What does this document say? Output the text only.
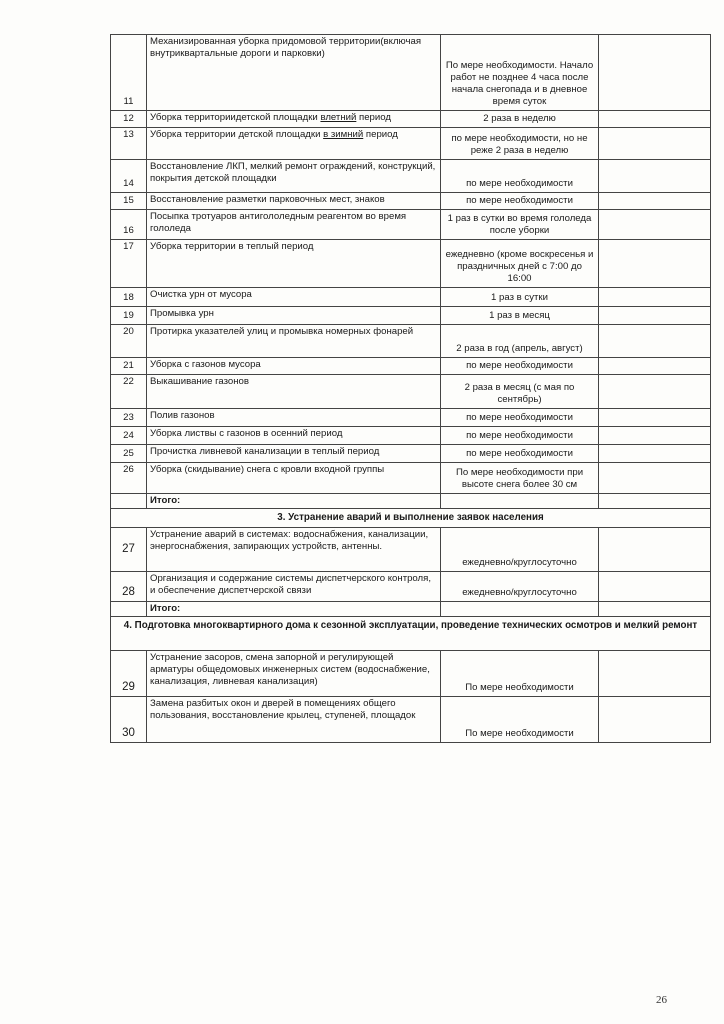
11	Механизированная уборка придомовой территории(включая внутриквартальные дороги и парковки)	По мере необходимости. Начало работ не позднее 4 часа после начала снегопада и в дневное время суток	
12	Уборка территориидетской площадки влетний период	2 раза в неделю	
13	Уборка территории детской площадки в зимний период	по мере необходимости, но не реже 2 раза в неделю	
14	Восстановление ЛКП, мелкий ремонт ограждений, конструкций, покрытия детской площадки	по мере необходимости	
15	Восстановление разметки парковочных мест, знаков	по мере необходимости	
16	Посыпка тротуаров антигололедным реагентом во время гололеда	1 раз в сутки во время гололеда после уборки	
17	Уборка территории в теплый период	ежедневно (кроме воскресенья и праздничных дней с 7:00 до 16:00	
18	Очистка урн от мусора	1 раз в сутки	
19	Промывка урн	1 раз в месяц	
20	Протирка указателей улиц и промывка номерных фонарей	2 раза в год (апрель, август)	
21	Уборка с газонов мусора	по мере необходимости	
22	Выкашивание газонов	2 раза в месяц (с мая по сентябрь)	
23	Полив газонов	по мере необходимости	
24	Уборка листвы с газонов в осенний период	по мере необходимости	
25	Прочистка ливневой канализации в теплый период	по мере необходимости	
26	Уборка (скидывание) снега с кровли входной группы	По мере необходимости при высоте снега более 30 см	
	Итого:		
3. Устранение аварий и выполнение заявок населения			
27	Устранение аварий в системах: водоснабжения, канализации, энергоснабжения, запирающих устройств, антенны.	ежедневно/круглосуточно	
28	Организация и содержание системы диспетчерского контроля, и обеспечение диспетчерской связи	ежедневно/круглосуточно	
	Итого:		
4. Подготовка многоквартирного дома к сезонной эксплуатации, проведение технических осмотров и мелкий ремонт			
29	Устранение засоров, смена запорной и регулирующей арматуры общедомовых инженерных систем (водоснабжение, канализация, ливневая канализация)	По мере необходимости	
30	Замена разбитых окон и дверей в помещениях общего пользования, восстановление крылец, ступеней, площадок	По мере необходимости	
26
